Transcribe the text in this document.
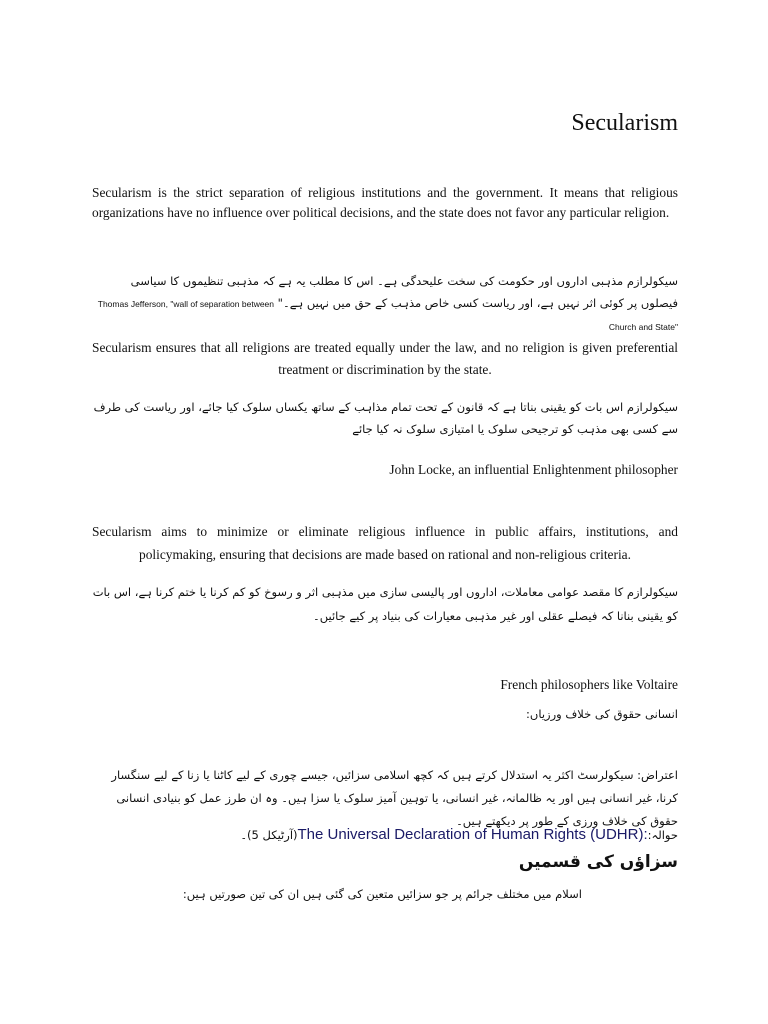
Secularism
Secularism is the strict separation of religious institutions and the government. It means that religious organizations have no influence over political decisions, and the state does not favor any particular religion.
سیکولرازم مذہبی اداروں اور حکومت کی سخت علیحدگی ہے۔ اس کا مطلب یہ ہے کہ مذہبی تنظیموں کا سیاسی فیصلوں پر کوئی اثر نہیں ہے، اور ریاست کسی خاص مذہب کے حق میں نہیں ہے۔" Thomas Jefferson, "wall of separation between Church and State"
Secularism ensures that all religions are treated equally under the law, and no religion is given preferential treatment or discrimination by the state.
سیکولرازم اس بات کو یقینی بناتا ہے کہ قانون کے تحت تمام مذاہب کے ساتھ یکساں سلوک کیا جائے، اور ریاست کی طرف سے کسی بھی مذہب کو ترجیحی سلوک یا امتیازی سلوک نہ کیا جائے
John Locke, an influential Enlightenment philosopher
Secularism aims to minimize or eliminate religious influence in public affairs, institutions, and policymaking, ensuring that decisions are made based on rational and non-religious criteria.
سیکولرازم کا مقصد عوامی معاملات، اداروں اور پالیسی سازی میں مذہبی اثر و رسوخ کو کم کرنا یا ختم کرنا ہے، اس بات کو یقینی بنانا کہ فیصلے عقلی اور غیر مذہبی معیارات کی بنیاد پر کیے جائیں۔
French philosophers like Voltaire
انسانی حقوق کی خلاف ورزیاں:
اعتراض: سیکولرسٹ اکثر یہ استدلال کرتے ہیں کہ کچھ اسلامی سزائیں، جیسے چوری کے لیے کاٹنا یا زنا کے لیے سنگسار کرنا، غیر انسانی ہیں اور یہ ظالمانہ، غیر انسانی، یا توہین آمیز سلوک یا سزا ہیں۔ وہ ان طرز عمل کو بنیادی انسانی حقوق کی خلاف ورزی کے طور پر دیکھتے ہیں۔
حوالہ:The Universal Declaration of Human Rights (UDHR):(آرٹیکل 5)۔
سزاؤں کی قسمیں
اسلام میں مختلف جرائم پر جو سزائیں متعین کی گئی ہیں ان کی تین صورتیں ہیں:
